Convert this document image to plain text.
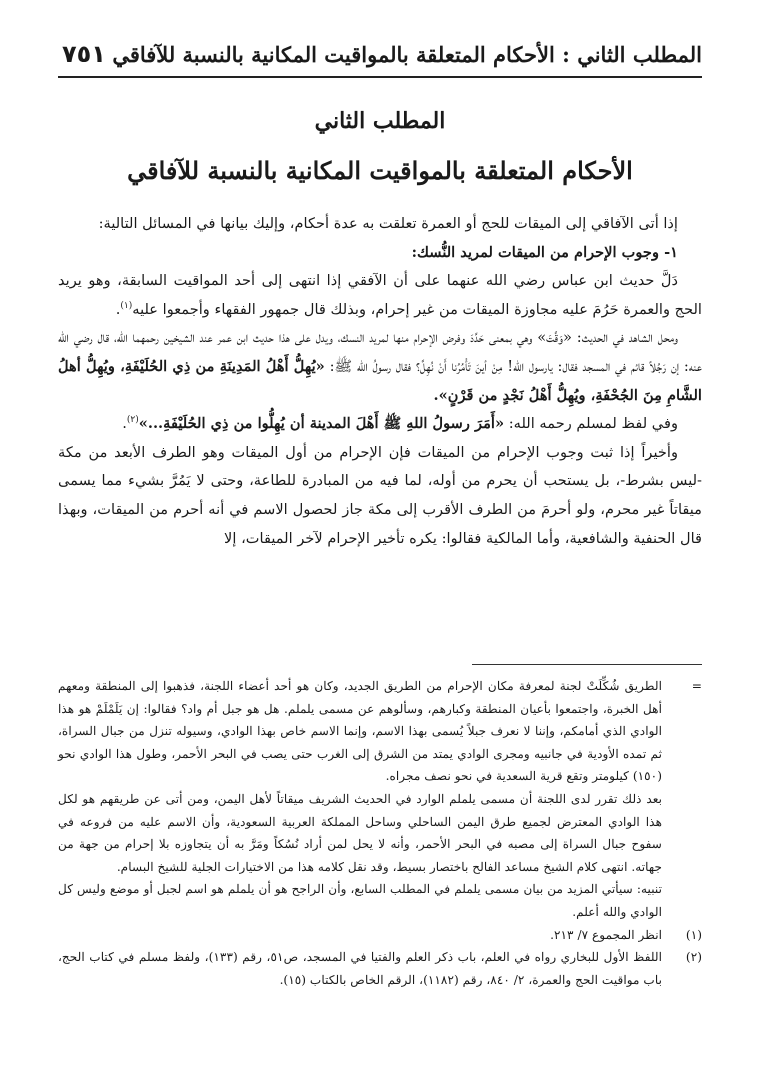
المطلب الثاني : الأحكام المتعلقة بالمواقيت المكانية بالنسبة للآفاقي
٧٥١
المطلب الثاني
الأحكام المتعلقة بالمواقيت المكانية بالنسبة للآفاقي

إذا أتى الآفاقي إلى الميقات للحج أو العمرة تعلقت به عدة أحكام، وإليك بيانها في المسائل التالية:

١- وجوب الإحرام من الميقات لمريد النُّسك:

دَلَّ حديث ابن عباس رضي الله عنهما على أن الآفقي إذا انتهى إلى أحد المواقيت السابقة، وهو يريد الحج والعمرة حَرُمَ عليه مجاوزة الميقات من غير إحرام، وبذلك قال جمهور الفقهاء وأجمعوا عليه$^{(١)}$.

ومحل الشاهد في الحديث: «وَقَّتَ» وهي بمعنى حَدَّدَ وفرض الإحرام منها لمريد النسك، ويدل على هذا حديث ابن عمر عند الشيخين رحمهما الله، قال رضي الله عنه: إن رَجُلاً قائم في المسجد فقال: يارسول الله! مِنْ أينَ تَأْمُرُنا أَنْ نُهِلَّ؟ فقال رسولُ الله ﷺ: «يُهِلُّ أَهْلُ المَدِينَةِ من ذِي الحُلَيْفَةِ، ويُهِلُّ أهلُ الشَّامِ مِنَ الجُحْفَةِ، ويُهِلُّ أَهْلُ نَجْدٍ من قَرْنٍ».

وفي لفظ لمسلم رحمه الله: «أَمَرَ رسولُ اللهِ ﷺ أَهْلَ المدينة أن يُهِلُّوا من ذِي الحُلَيْفَةِ...»$^{(٢)}$.

وأخيراً إذا ثبت وجوب الإحرام من الميقات فإن الإحرام من أول الميقات وهو الطرف الأبعد من مكة -ليس بشرط-، بل يستحب أن يحرم من أوله، لما فيه من المبادرة للطاعة، وحتى لا يَمُرَّ بشيء مما يسمى ميقاتاً غير محرم، ولو أحرمَ من الطرف الأقرب إلى مكة جاز لحصول الاسم في أنه أحرم من الميقات، وبهذا قال الحنفية والشافعية، وأما المالكية فقالوا: يكره تأخير الإحرام لآخر الميقات، إلا

=
الطريق شُكِّلَتْ لجنة لمعرفة مكان الإحرام من الطريق الجديد، وكان هو أحد أعضاء اللجنة، فذهبوا إلى المنطقة ومعهم أهل الخبرة، واجتمعوا بأعيان المنطقة وكبارهم، وسألوهم عن مسمى يلملم. هل هو جبل أم واد؟ فقالوا: إن يَلَمْلَمْ هو هذا الوادي الذي أمامكم، وإننا لا نعرف جبلاً يُسمى بهذا الاسم، وإنما الاسم خاص بهذا الوادي، وسيوله تنزل من جبال السراة، ثم تمده الأودية في جانبيه ومجرى الوادي يمتد من الشرق إلى الغرب حتى يصب في البحر الأحمر، وطول هذا الوادي نحو (١٥٠) كيلومتر وتقع قرية السعدية في نحو نصف مجراه.

بعد ذلك تقرر لدى اللجنة أن مسمى يلملم الوارد في الحديث الشريف ميقاتاً لأهل اليمن، ومن أتى عن طريقهم هو لكل هذا الوادي المعترض لجميع طرق اليمن الساحلي وساحل المملكة العربية السعودية، وأن الاسم عليه من فروعه في سفوح جبال السراة إلى مصبه في البحر الأحمر، وأنه لا يحل لمن أراد نُسُكاً ومَرَّ به أن يتجاوزه بلا إحرام من جهة من جهاته. انتهى كلام الشيخ مساعد الفالح باختصار بسيط، وقد نقل كلامه هذا من الاختيارات الجلية للشيخ البسام.

تنبيه: سيأتي المزيد من بيان مسمى يلملم في المطلب السابع، وأن الراجح هو أن يلملم هو اسم لجبل أو موضع وليس كل الوادي والله أعلم.

(١)
انظر المجموع ٧/ ٢١٣.

(٢)
اللفظ الأول للبخاري رواه في العلم، باب ذكر العلم والفتيا في المسجد، ص٥١، رقم (١٣٣)، ولفظ مسلم في كتاب الحج، باب مواقيت الحج والعمرة، ٢/ ٨٤٠، رقم (١١٨٢)، الرقم الخاص بالكتاب (١٥).
